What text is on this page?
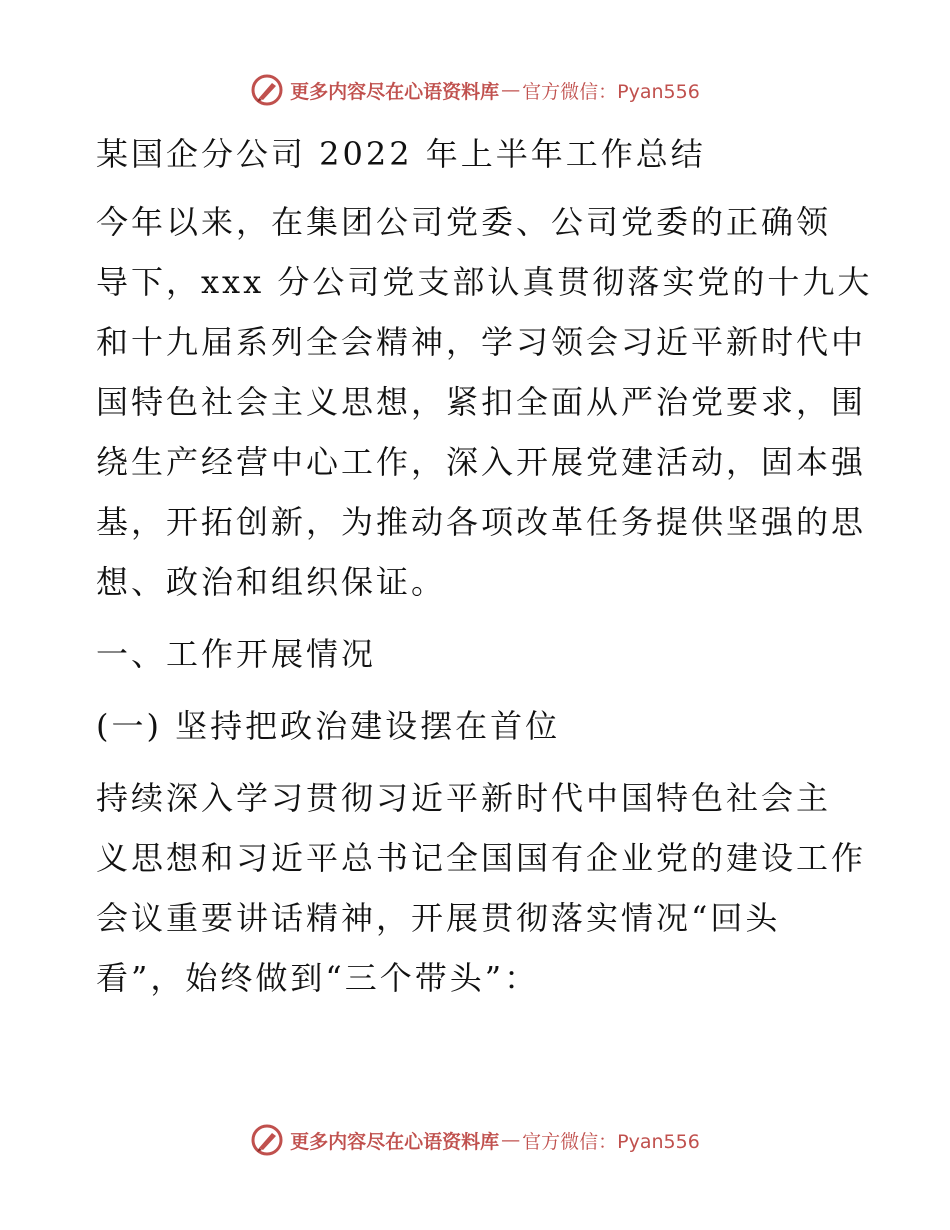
更多内容尽在心语资料库 — 官方微信：Pyan556
某国企分公司 2022 年上半年工作总结
今年以来，在集团公司党委、公司党委的正确领
导下，xxx 分公司党支部认真贯彻落实党的十九大
和十九届系列全会精神，学习领会习近平新时代中
国特色社会主义思想，紧扣全面从严治党要求，围
绕生产经营中心工作，深入开展党建活动，固本强
基，开拓创新，为推动各项改革任务提供坚强的思
想、政治和组织保证。
一、工作开展情况
(一) 坚持把政治建设摆在首位
持续深入学习贯彻习近平新时代中国特色社会主
义思想和习近平总书记全国国有企业党的建设工作
会议重要讲话精神，开展贯彻落实情况“回头
看”，始终做到“三个带头”：
更多内容尽在心语资料库 — 官方微信：Pyan556
